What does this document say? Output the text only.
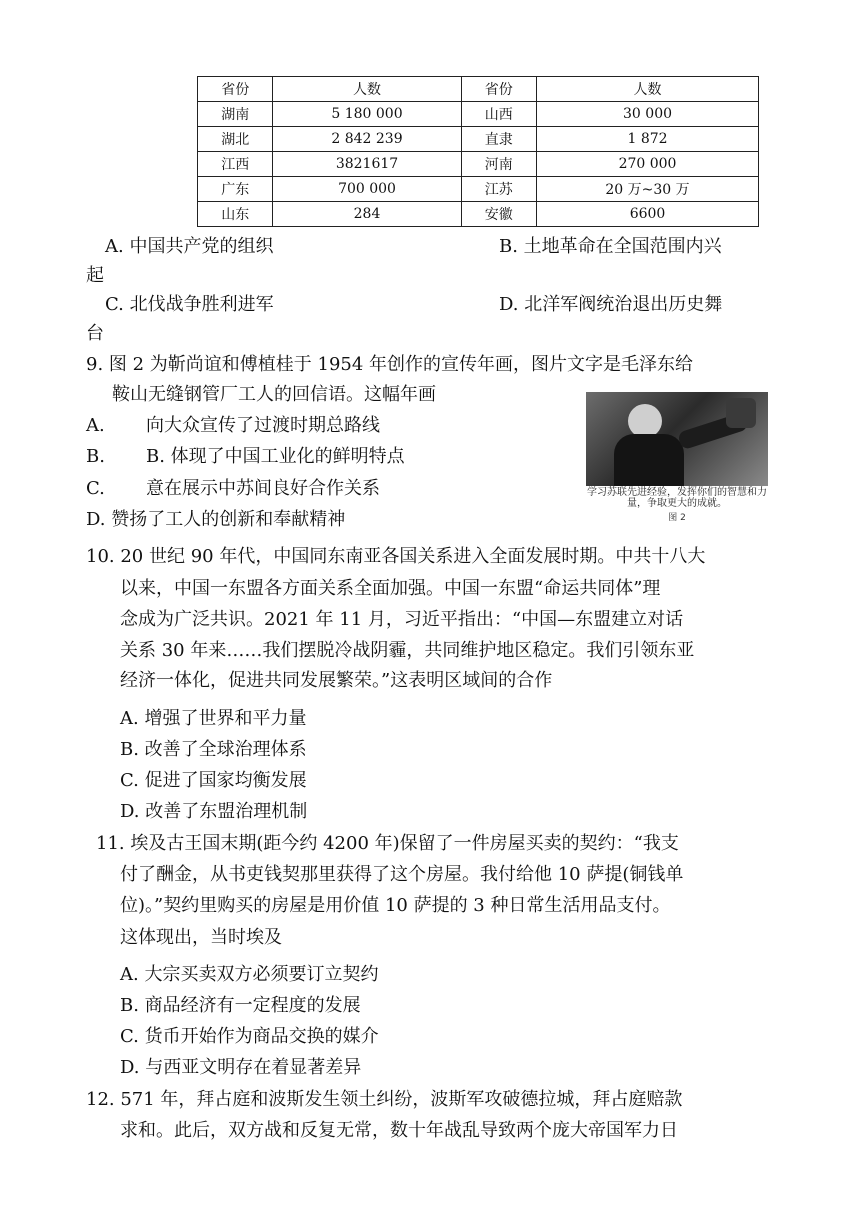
省份	人数	省份	人数
湖南	5 180 000	山西	30 000
湖北	2 842 239	直隶	1 872
江西	3821617	河南	270 000
广东	700 000	江苏	20 万~30 万
山东	284	安徽	6600
A. 中国共产党的组织	B. 土地革命在全国范围内兴
起
C. 北伐战争胜利进军	D. 北洋军阀统治退出历史舞
台
9. 图 2 为靳尚谊和傅植桂于 1954 年创作的宣传年画，图片文字是毛泽东给
鞍山无缝钢管厂工人的回信语。这幅年画
A. 向大众宣传了过渡时期总路线
B. B. 体现了中国工业化的鲜明特点
C. 意在展示中苏间良好合作关系
D. 赞扬了工人的创新和奉献精神
学习苏联先进经验，发挥你们的智慧和力量，争取更大的成就。
图 2
10. 20 世纪 90 年代，中国同东南亚各国关系进入全面发展时期。中共十八大
以来，中国一东盟各方面关系全面加强。中国一东盟“命运共同体”理
念成为广泛共识。2021 年 11 月，习近平指出：“中国—东盟建立对话
关系 30 年来……我们摆脱冷战阴霾，共同维护地区稳定。我们引领东亚
经济一体化，促进共同发展繁荣。”这表明区域间的合作
A. 增强了世界和平力量
B. 改善了全球治理体系
C. 促进了国家均衡发展
D. 改善了东盟治理机制
11. 埃及古王国末期(距今约 4200 年)保留了一件房屋买卖的契约：“我支
付了酬金，从书吏钱契那里获得了这个房屋。我付给他 10 萨提(铜钱单
位)。”契约里购买的房屋是用价值 10 萨提的 3 种日常生活用品支付。
这体现出，当时埃及
A. 大宗买卖双方必须要订立契约
B. 商品经济有一定程度的发展
C. 货币开始作为商品交换的媒介
D. 与西亚文明存在着显著差异
12. 571 年，拜占庭和波斯发生领土纠纷，波斯军攻破德拉城，拜占庭赔款
求和。此后，双方战和反复无常，数十年战乱导致两个庞大帝国军力日
